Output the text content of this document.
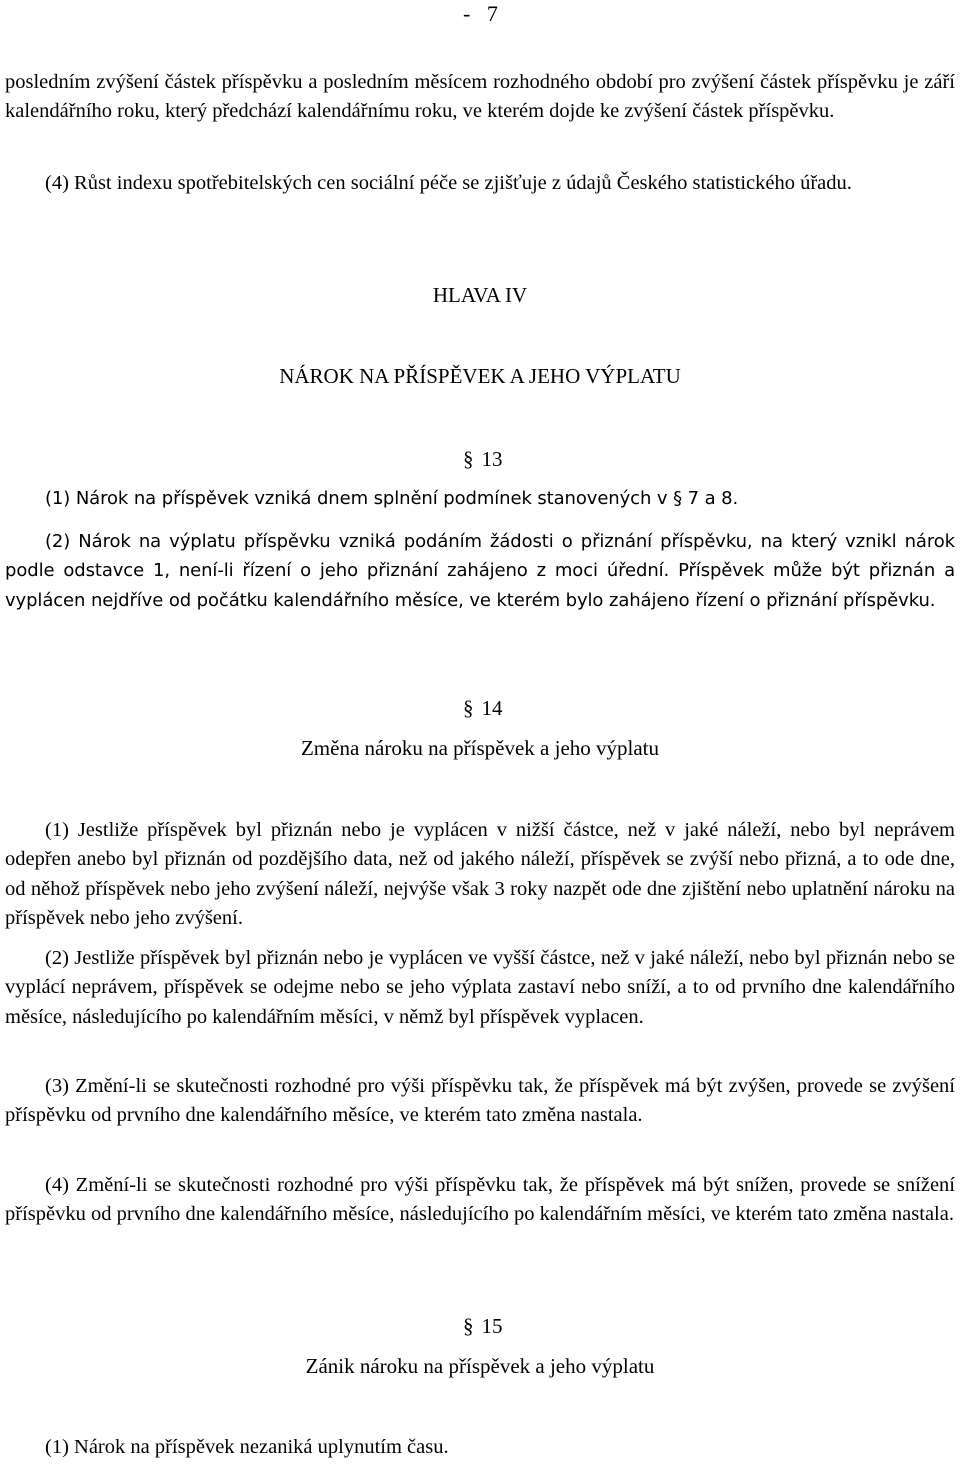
-   7

posledním zvýšení částek příspěvku a posledním měsícem rozhodného období pro zvýšení částek příspěvku je září kalendářního roku, který předchází kalendářnímu roku, ve kterém dojde ke zvýšení částek příspěvku.

(4) Růst indexu spotřebitelských cen sociální péče se zjišťuje z údajů Českého statistického úřadu.

HLAVA IV

NÁROK NA PŘÍSPĚVEK A JEHO VÝPLATU

§ 13

(1) Nárok na příspěvek vzniká dnem splnění podmínek stanovených v § 7 a 8.

(2) Nárok na výplatu příspěvku vzniká podáním žádosti o přiznání příspěvku, na který vznikl nárok podle odstavce 1, není-li řízení o jeho přiznání zahájeno z moci úřední. Příspěvek může být přiznán a vyplácen nejdříve od počátku kalendářního měsíce, ve kterém bylo zahájeno řízení o přiznání příspěvku.

§ 14

Změna nároku na příspěvek a jeho výplatu

(1) Jestliže příspěvek byl přiznán nebo je vyplácen v nižší částce, než v jaké náleží, nebo byl neprávem odepřen anebo byl přiznán od pozdějšího data, než od jakého náleží, příspěvek se zvýší nebo přizná, a to ode dne, od něhož příspěvek nebo jeho zvýšení náleží, nejvýše však 3 roky nazpět ode dne zjištění nebo uplatnění nároku na příspěvek nebo jeho zvýšení.

(2) Jestliže příspěvek byl přiznán nebo je vyplácen ve vyšší částce, než v jaké náleží, nebo byl přiznán nebo se vyplácí neprávem, příspěvek se odejme nebo se jeho výplata zastaví nebo sníží, a to od prvního dne kalendářního měsíce, následujícího po kalendářním měsíci, v němž byl příspěvek vyplacen.

(3) Změní-li se skutečnosti rozhodné pro výši příspěvku tak, že příspěvek má být zvýšen, provede se zvýšení příspěvku od prvního dne kalendářního měsíce, ve kterém tato změna nastala.

(4) Změní-li se skutečnosti rozhodné pro výši příspěvku tak, že příspěvek má být snížen, provede se snížení příspěvku od prvního dne kalendářního měsíce, následujícího po kalendářním měsíci, ve kterém tato změna nastala.

§ 15

Zánik nároku na příspěvek a jeho výplatu

(1) Nárok na příspěvek nezaniká uplynutím času.
